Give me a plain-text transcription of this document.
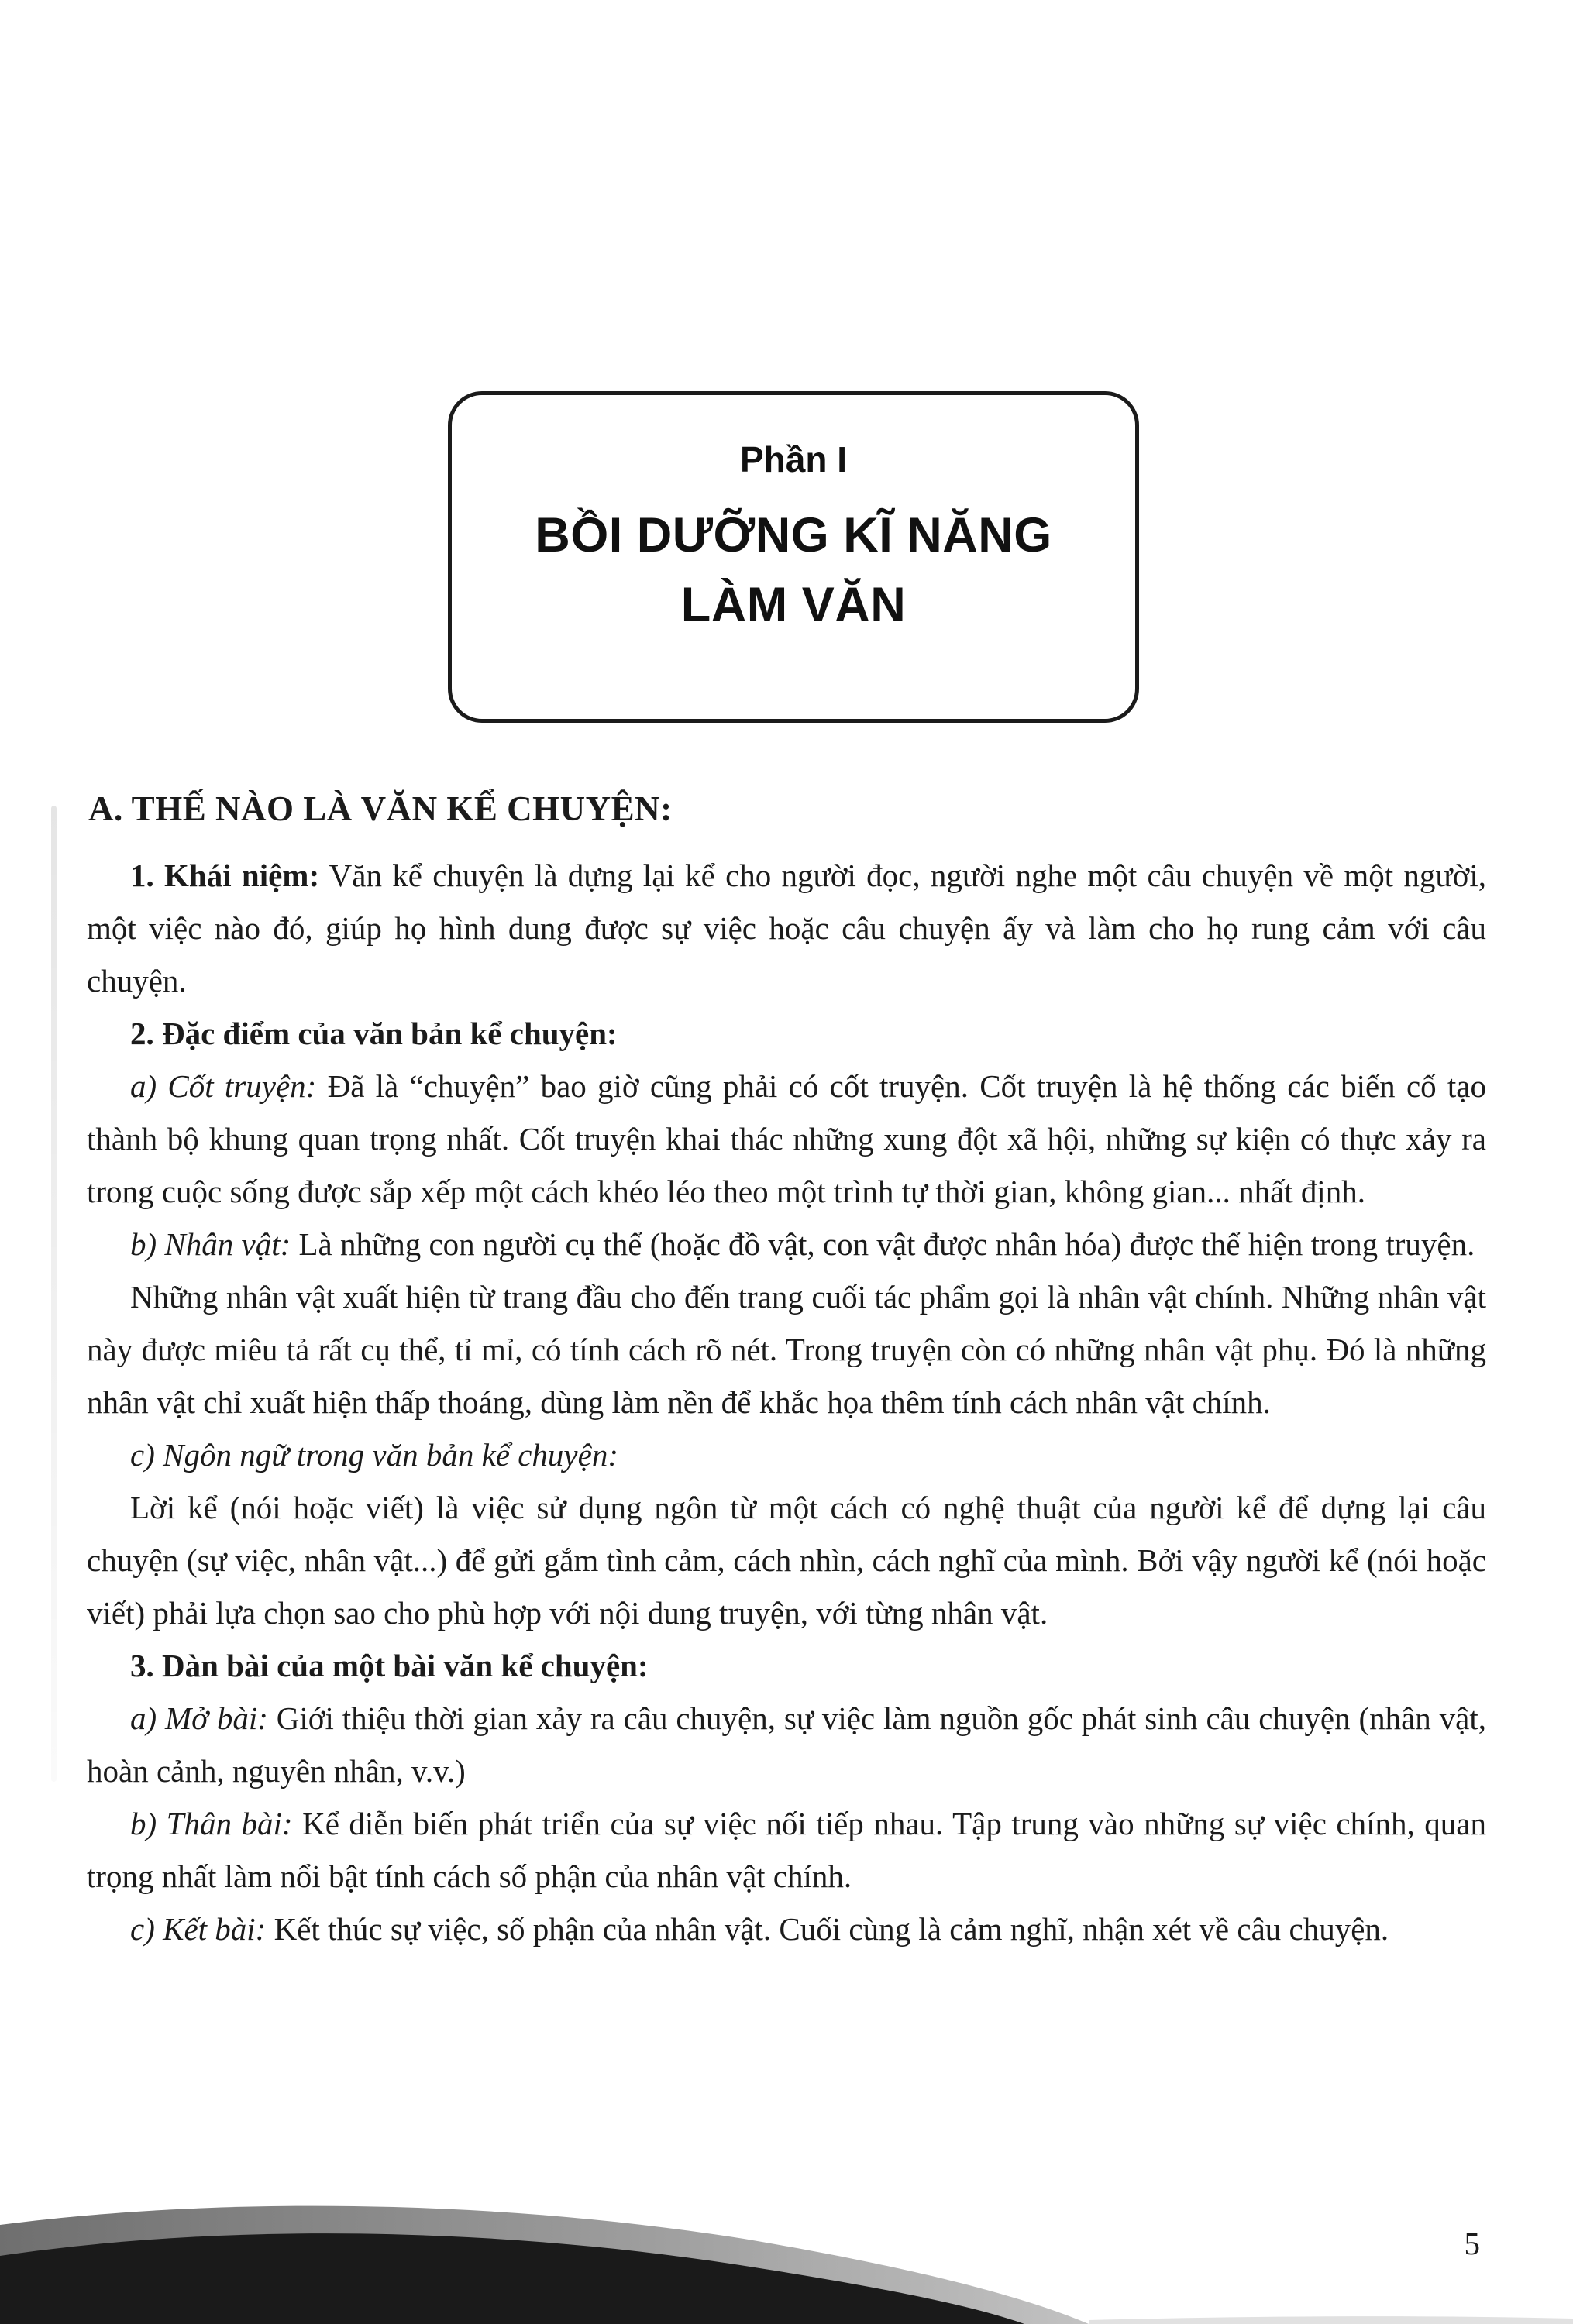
Phần I
BỒI DƯỠNG KĨ NĂNG
LÀM VĂN
A. THẾ NÀO LÀ VĂN KỂ CHUYỆN:

1. Khái niệm: Văn kể chuyện là dựng lại kể cho người đọc, người nghe một câu chuyện về một người, một việc nào đó, giúp họ hình dung được sự việc hoặc câu chuyện ấy và làm cho họ rung cảm với câu chuyện.

2. Đặc điểm của văn bản kể chuyện:

a) Cốt truyện: Đã là “chuyện” bao giờ cũng phải có cốt truyện. Cốt truyện là hệ thống các biến cố tạo thành bộ khung quan trọng nhất. Cốt truyện khai thác những xung đột xã hội, những sự kiện có thực xảy ra trong cuộc sống được sắp xếp một cách khéo léo theo một trình tự thời gian, không gian... nhất định.

b) Nhân vật: Là những con người cụ thể (hoặc đồ vật, con vật được nhân hóa) được thể hiện trong truyện.

Những nhân vật xuất hiện từ trang đầu cho đến trang cuối tác phẩm gọi là nhân vật chính. Những nhân vật này được miêu tả rất cụ thể, tỉ mỉ, có tính cách rõ nét. Trong truyện còn có những nhân vật phụ. Đó là những nhân vật chỉ xuất hiện thấp thoáng, dùng làm nền để khắc họa thêm tính cách nhân vật chính.

c) Ngôn ngữ trong văn bản kể chuyện:

Lời kể (nói hoặc viết) là việc sử dụng ngôn từ một cách có nghệ thuật của người kể để dựng lại câu chuyện (sự việc, nhân vật...) để gửi gắm tình cảm, cách nhìn, cách nghĩ của mình. Bởi vậy người kể (nói hoặc viết) phải lựa chọn sao cho phù hợp với nội dung truyện, với từng nhân vật.

3. Dàn bài của một bài văn kể chuyện:

a) Mở bài: Giới thiệu thời gian xảy ra câu chuyện, sự việc làm nguồn gốc phát sinh câu chuyện (nhân vật, hoàn cảnh, nguyên nhân, v.v.)

b) Thân bài: Kể diễn biến phát triển của sự việc nối tiếp nhau. Tập trung vào những sự việc chính, quan trọng nhất làm nổi bật tính cách số phận của nhân vật chính.

c) Kết bài: Kết thúc sự việc, số phận của nhân vật. Cuối cùng là cảm nghĩ, nhận xét về câu chuyện.

5
